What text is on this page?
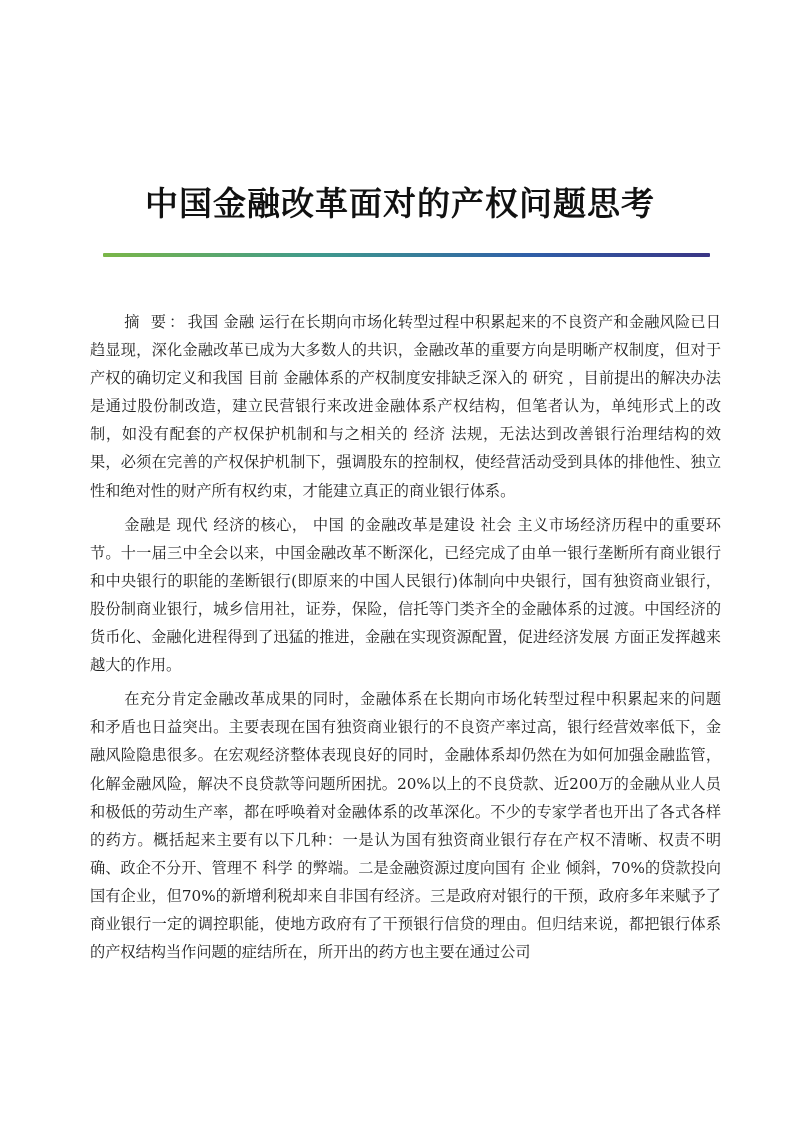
中国金融改革面对的产权问题思考

摘 要：我国 金融 运行在长期向市场化转型过程中积累起来的不良资产和金融风险已日趋显现，深化金融改革已成为大多数人的共识，金融改革的重要方向是明晰产权制度，但对于产权的确切定义和我国 目前 金融体系的产权制度安排缺乏深入的 研究 ，目前提出的解决办法是通过股份制改造，建立民营银行来改进金融体系产权结构，但笔者认为，单纯形式上的改制，如没有配套的产权保护机制和与之相关的 经济 法规，无法达到改善银行治理结构的效果，必须在完善的产权保护机制下，强调股东的控制权，使经营活动受到具体的排他性、独立性和绝对性的财产所有权约束，才能建立真正的商业银行体系。

金融是 现代 经济的核心， 中国 的金融改革是建设 社会 主义市场经济历程中的重要环节。十一届三中全会以来，中国金融改革不断深化，已经完成了由单一银行垄断所有商业银行和中央银行的职能的垄断银行(即原来的中国人民银行)体制向中央银行，国有独资商业银行，股份制商业银行，城乡信用社，证券，保险，信托等门类齐全的金融体系的过渡。中国经济的货币化、金融化进程得到了迅猛的推进，金融在实现资源配置，促进经济发展 方面正发挥越来越大的作用。

在充分肯定金融改革成果的同时，金融体系在长期向市场化转型过程中积累起来的问题 和矛盾也日益突出。主要表现在国有独资商业银行的不良资产率过高，银行经营效率低下，金融风险隐患很多。在宏观经济整体表现良好的同时，金融体系却仍然在为如何加强金融监管，化解金融风险，解决不良贷款等问题所困扰。20%以上的不良贷款、近200万的金融从业人员和极低的劳动生产率，都在呼唤着对金融体系的改革深化。不少的专家学者也开出了各式各样的药方。概括起来主要有以下几种：一是认为国有独资商业银行存在产权不清晰、权责不明确、政企不分开、管理不 科学 的弊端。二是金融资源过度向国有 企业 倾斜，70%的贷款投向国有企业，但70%的新增利税却来自非国有经济。三是政府对银行的干预，政府多年来赋予了商业银行一定的调控职能，使地方政府有了干预银行信贷的理由。但归结来说，都把银行体系的产权结构当作问题的症结所在，所开出的药方也主要在通过公司
